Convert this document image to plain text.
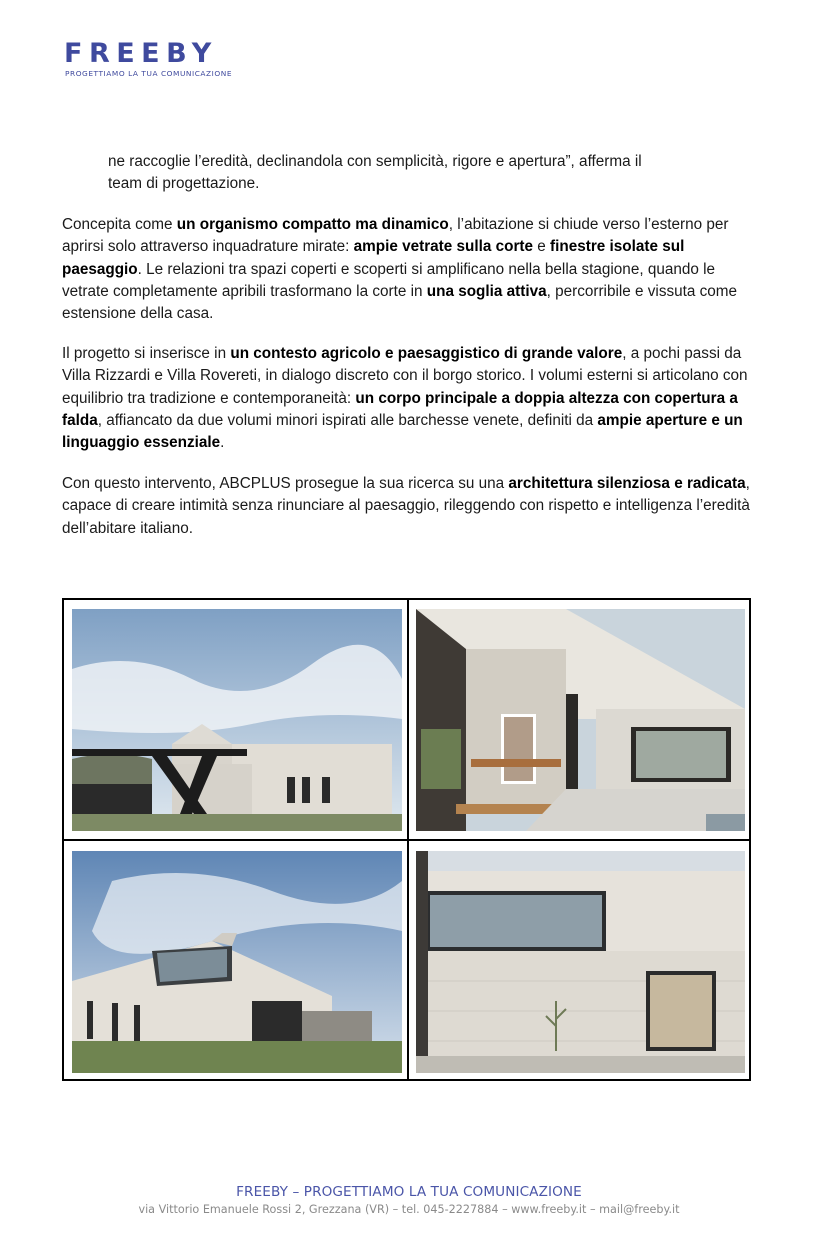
FREEBY
PROGETTIAMO LA TUA COMUNICAZIONE

ne raccoglie l’eredità, declinandola con semplicità, rigore e apertura”, afferma il
team di progettazione.

Concepita come un organismo compatto ma dinamico, l’abitazione si chiude verso l’esterno per aprirsi solo attraverso inquadrature mirate: ampie vetrate sulla corte e finestre isolate sul paesaggio. Le relazioni tra spazi coperti e scoperti si amplificano nella bella stagione, quando le vetrate completamente apribili trasformano la corte in una soglia attiva, percorribile e vissuta come estensione della casa.

Il progetto si inserisce in un contesto agricolo e paesaggistico di grande valore, a pochi passi da Villa Rizzardi e Villa Rovereti, in dialogo discreto con il borgo storico. I volumi esterni si articolano con equilibrio tra tradizione e contemporaneità: un corpo principale a doppia altezza con copertura a falda, affiancato da due volumi minori ispirati alle barchesse venete, definiti da ampie aperture e un linguaggio essenziale.

Con questo intervento, ABCPLUS prosegue la sua ricerca su una architettura silenziosa e radicata, capace di creare intimità senza rinunciare al paesaggio, rileggendo con rispetto e intelligenza l’eredità dell’abitare italiano.

FREEBY – PROGETTIAMO LA TUA COMUNICAZIONE
via Vittorio Emanuele Rossi 2, Grezzana (VR) – tel. 045-2227884 – www.freeby.it – mail@freeby.it
